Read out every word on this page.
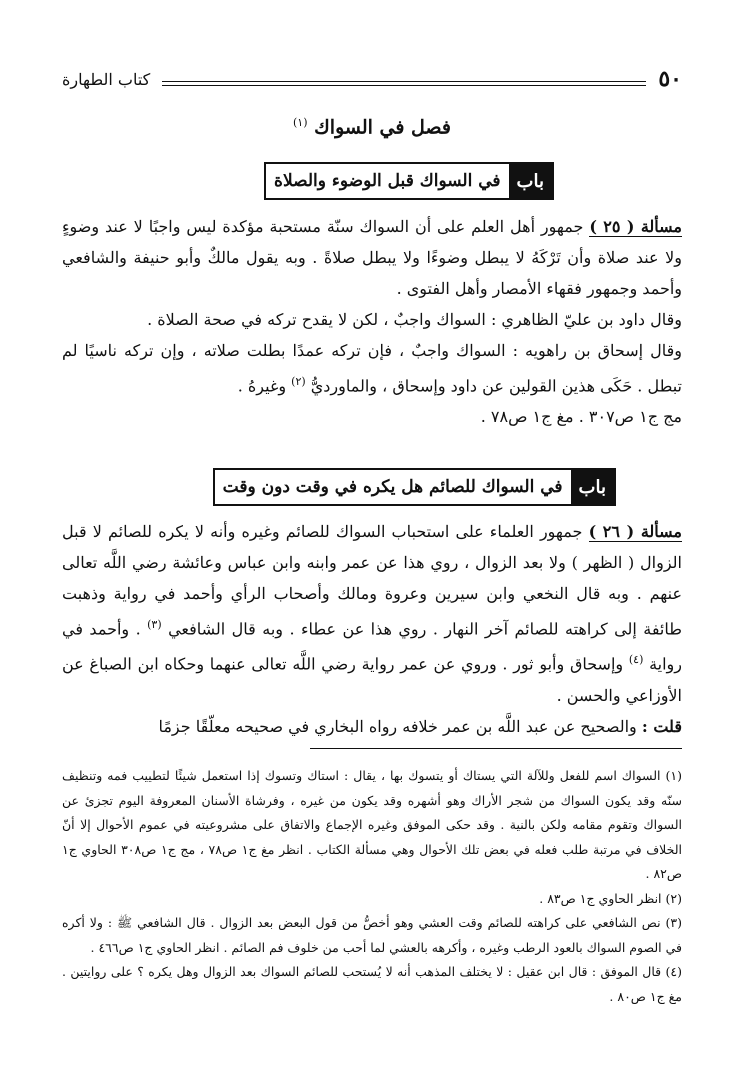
٥٠
كتاب الطهارة
فصل في السواك $^{(١)}$
باب
في السواك قبل الوضوء والصلاة

مسألة ( ٢٥ ) جمهور أهل العلم على أن السواك سنّة مستحبة مؤكدة ليس واجبًا لا عند وضوءٍ ولا عند صلاة وأن تَرْكَهُ لا يبطل وضوءًا ولا يبطل صلاةً . وبه يقول مالكٌ وأبو حنيفة والشافعي وأحمد وجمهور فقهاء الأمصار وأهل الفتوى .

وقال داود بن عليّ الظاهري : السواك واجبٌ ، لكن لا يقدح تركه في صحة الصلاة .

وقال إسحاق بن راهويه : السواك واجبٌ ، فإن تركه عمدًا بطلت صلاته ، وإن تركه ناسيًا لم تبطل . حَكَى هذين القولين عن داود وإسحاق ، والماورديُّ $^{(٢)}$ وغيرهُ .

مج ج١ ص٣٠٧ . مغ ج١ ص٧٨ .

باب
في السواك للصائم هل يكره في وقت دون وقت

مسألة ( ٢٦ ) جمهور العلماء على استحباب السواك للصائم وغيره وأنه لا يكره للصائم لا قبل الزوال ( الظهر ) ولا بعد الزوال ، روي هذا عن عمر وابنه وابن عباس وعائشة رضي اللَّه تعالى عنهم . وبه قال النخعي وابن سيرين وعروة ومالك وأصحاب الرأي وأحمد في رواية وذهبت طائفة إلى كراهته للصائم آخر النهار . روي هذا عن عطاء . وبه قال الشافعي $^{(٣)}$ . وأحمد في رواية $^{(٤)}$ وإسحاق وأبو ثور . وروي عن عمر رواية رضي اللَّه تعالى عنهما وحكاه ابن الصباغ عن الأوزاعي والحسن .

قلت : والصحيح عن عبد اللَّه بن عمر خلافه رواه البخاري في صحيحه معلّقًا جزمًا

(١) السواك اسم للفعل وللآلة التي يستاك أو يتسوك بها ، يقال : استاك وتسوك إذا استعمل شيئًا لتطييب فمه وتنظيف سنّه وقد يكون السواك من شجر الأراك وهو أشهره وقد يكون من غيره ، وفرشاة الأسنان المعروفة اليوم تجزئ عن السواك وتقوم مقامه ولكن بالنية . وقد حكى الموفق وغيره الإجماع والاتفاق على مشروعيته في عموم الأحوال إلا أنّ الخلاف في مرتبة طلب فعله في بعض تلك الأحوال وهي مسألة الكتاب . انظر مغ ج١ ص٧٨ ، مج ج١ ص٣٠٨ الحاوي ج١ ص٨٢ .

(٢) انظر الحاوي ج١ ص٨٣ .

(٣) نص الشافعي على كراهته للصائم وقت العشي وهو أخصُّ من قول البعض بعد الزوال . قال الشافعي ﷺ : ولا أكره في الصوم السواك بالعود الرطب وغيره ، وأكرهه بالعشي لما أحب من خلوف فم الصائم . انظر الحاوي ج١ ص٤٦٦ .

(٤) قال الموفق : قال ابن عقيل : لا يختلف المذهب أنه لا يُستحب للصائم السواك بعد الزوال وهل يكره ؟ على روايتين . مغ ج١ ص٨٠ .
